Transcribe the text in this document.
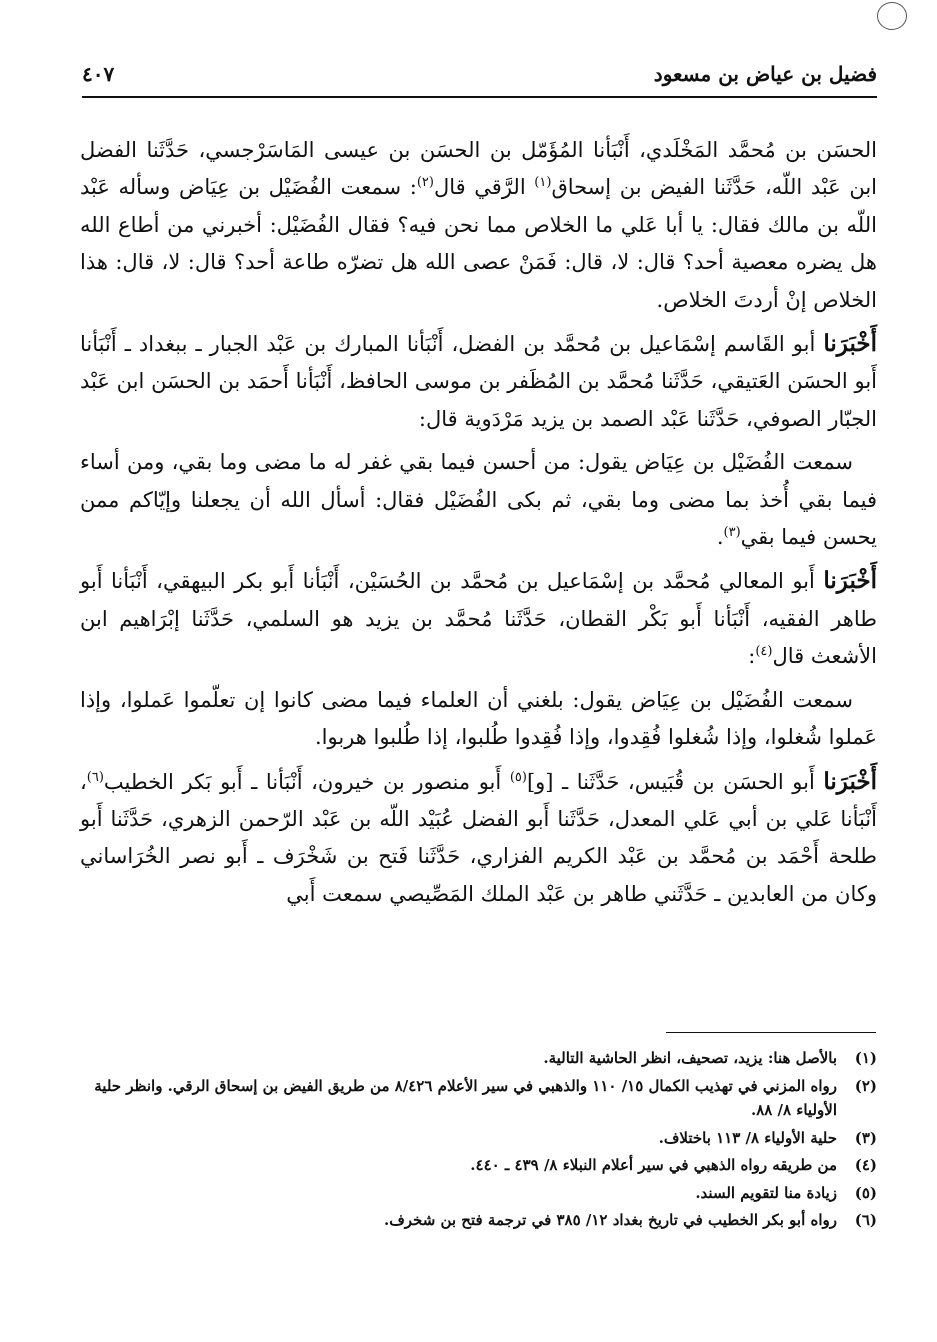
فضيل بن عياض بن مسعود
٤٠٧

الحسَن بن مُحمَّد المَخْلَدي، أَنْبَأنا المُؤَمّل بن الحسَن بن عيسى المَاسَرْجسي، حَدَّثَنا الفضل ابن عَبْد اللّه، حَدَّثَنا الفيض بن إسحاق$^{(١)}$ الرَّقي قال$^{(٢)}$: سمعت الفُضَيْل بن عِيَاض وسأله عَبْد اللّه بن مالك فقال: يا أبا عَلي ما الخلاص مما نحن فيه؟ فقال الفُضَيْل: أخبرني من أطاع الله هل يضره معصية أحد؟ قال: لا، قال: فَمَنْ عصى الله هل تضرّه طاعة أحد؟ قال: لا، قال: هذا الخلاص إنْ أردتَ الخلاص.

أَخْبَرَنا أبو القَاسم إسْمَاعيل بن مُحمَّد بن الفضل، أَنْبَأنا المبارك بن عَبْد الجبار ـ ببغداد ـ أَنْبَأنا أَبو الحسَن العَتيقي، حَدَّثَنا مُحمَّد بن المُظَفر بن موسى الحافظ، أَنْبَأنا أَحمَد بن الحسَن ابن عَبْد الجبّار الصوفي، حَدَّثَنا عَبْد الصمد بن يزيد مَرْدَوية قال:

سمعت الفُضَيْل بن عِيَاض يقول: من أحسن فيما بقي غفر له ما مضى وما بقي، ومن أساء فيما بقي أُخذ بما مضى وما بقي، ثم بكى الفُضَيْل فقال: أسأل الله أن يجعلنا وإيّاكم ممن يحسن فيما بقي$^{(٣)}$.

أَخْبَرَنا أَبو المعالي مُحمَّد بن إسْمَاعيل بن مُحمَّد بن الحُسَيْن، أَنْبَأنا أَبو بكر البيهقي، أَنْبَأنا أَبو طاهر الفقيه، أَنْبَأنا أَبو بَكْر القطان، حَدَّثَنا مُحمَّد بن يزيد هو السلمي، حَدَّثَنا إبْرَاهيم ابن الأشعث قال$^{(٤)}$:

سمعت الفُضَيْل بن عِيَاض يقول: بلغني أن العلماء فيما مضى كانوا إن تعلّموا عَملوا، وإذا عَملوا شُغلوا، وإذا شُغلوا فُقِدوا، وإذا فُقِدوا طُلبوا، إذا طُلبوا هربوا.

أَخْبَرَنا أَبو الحسَن بن قُبَيس، حَدَّثَنا ـ [و]$^{(٥)}$ أَبو منصور بن خيرون، أَنْبَأنا ـ أَبو بَكر الخطيب$^{(٦)}$، أَنْبَأنا عَلي بن أبي عَلي المعدل، حَدَّثَنا أَبو الفضل عُبَيْد اللّه بن عَبْد الرّحمن الزهري، حَدَّثَنا أَبو طلحة أَحْمَد بن مُحمَّد بن عَبْد الكريم الفزاري، حَدَّثَنا فَتح بن شَخْرَف ـ أَبو نصر الخُرَاساني وكان من العابدين ـ حَدَّثَني طاهر بن عَبْد الملك المَصِّيصي سمعت أَبي

(١)
بالأصل هنا: يزيد، تصحيف، انظر الحاشية التالية.
(٢)
رواه المزني في تهذيب الكمال ١٥/ ١١٠ والذهبي في سير الأعلام ٨/٤٢٦ من طريق الفيض بن إسحاق الرقي. وانظر حلية الأولياء ٨/ ٨٨.
(٣)
حلية الأولياء ٨/ ١١٣ باختلاف.
(٤)
من طريقه رواه الذهبي في سير أعلام النبلاء ٨/ ٤٣٩ ـ ٤٤٠.
(٥)
زيادة منا لتقويم السند.
(٦)
رواه أبو بكر الخطيب في تاريخ بغداد ١٢/ ٣٨٥ في ترجمة فتح بن شخرف.
